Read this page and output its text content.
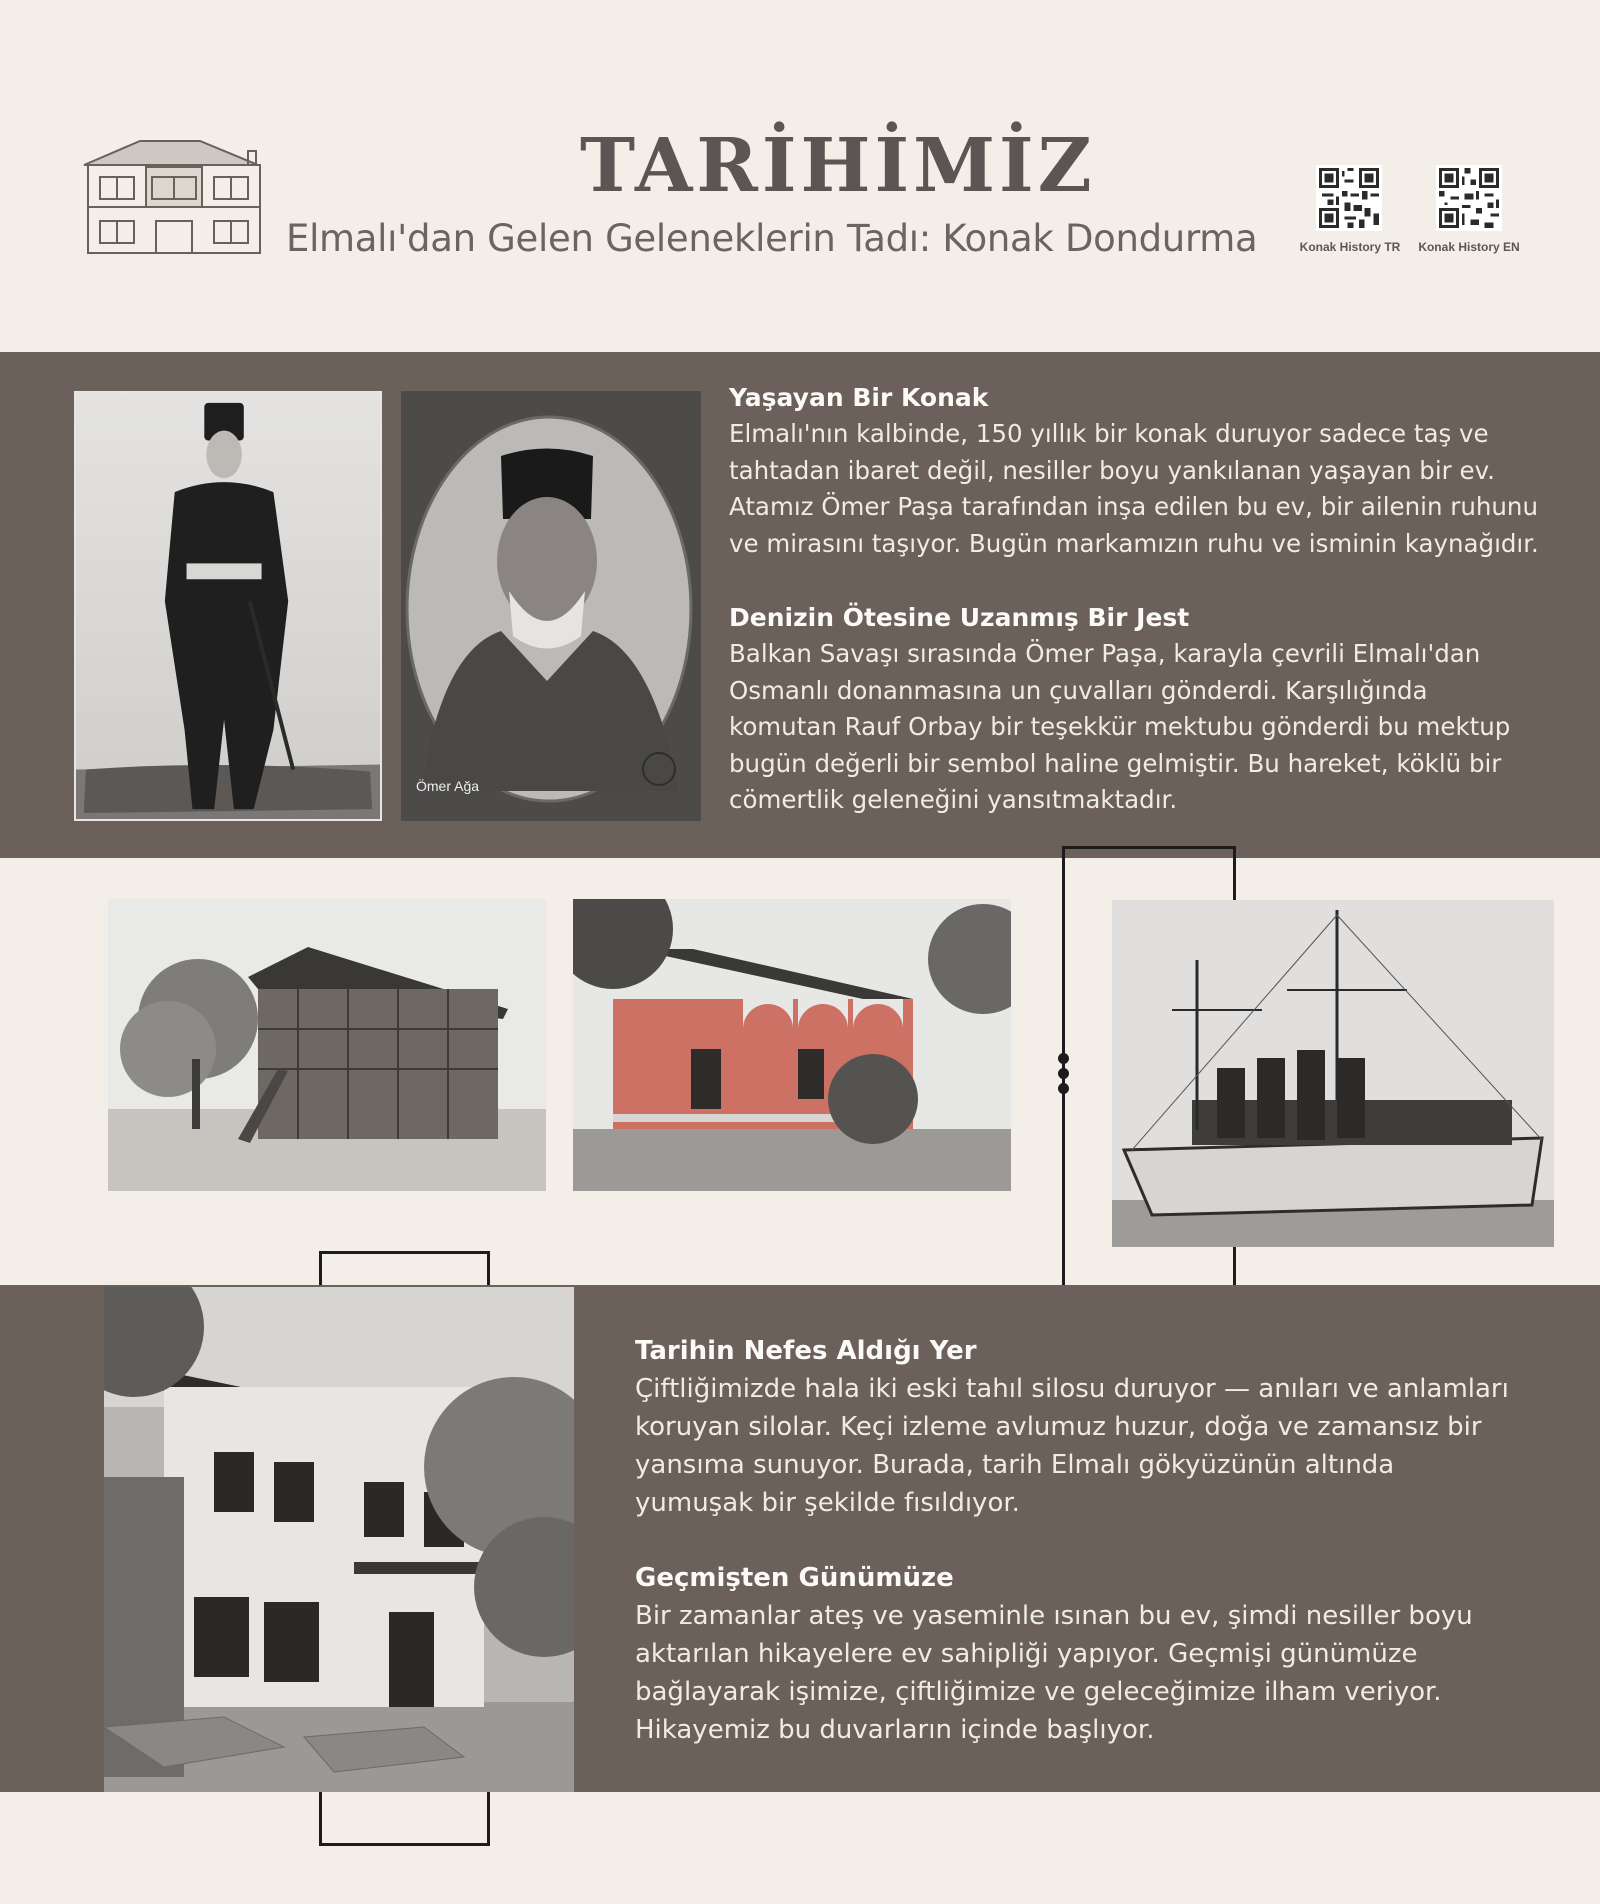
TARİHİMİZ
Elmalı'dan Gelen Geleneklerin Tadı: Konak Dondurma	Konak History TR	Konak History EN
Ömer Ağa
Yaşayan Bir Konak

Elmalı'nın kalbinde, 150 yıllık bir konak duruyor sadece taş ve

tahtadan ibaret değil, nesiller boyu yankılanan yaşayan bir ev.

Atamız Ömer Paşa tarafından inşa edilen bu ev, bir ailenin ruhunu

ve mirasını taşıyor. Bugün markamızın ruhu ve isminin kaynağıdır.

Denizin Ötesine Uzanmış Bir Jest

Balkan Savaşı sırasında Ömer Paşa, karayla çevrili Elmalı'dan

Osmanlı donanmasına un çuvalları gönderdi. Karşılığında

komutan Rauf Orbay bir teşekkür mektubu gönderdi bu mektup

bugün değerli bir sembol haline gelmiştir. Bu hareket, köklü bir

cömertlik geleneğini yansıtmaktadır.

Tarihin Nefes Aldığı Yer

Çiftliğimizde hala iki eski tahıl silosu duruyor — anıları ve anlamları

koruyan silolar. Keçi izleme avlumuz huzur, doğa ve zamansız bir

yansıma sunuyor. Burada, tarih Elmalı gökyüzünün altında

yumuşak bir şekilde fısıldıyor.

Geçmişten Günümüze

Bir zamanlar ateş ve yaseminle ısınan bu ev, şimdi nesiller boyu

aktarılan hikayelere ev sahipliği yapıyor. Geçmişi günümüze

bağlayarak işimize, çiftliğimize ve geleceğimize ilham veriyor.

Hikayemiz bu duvarların içinde başlıyor.
